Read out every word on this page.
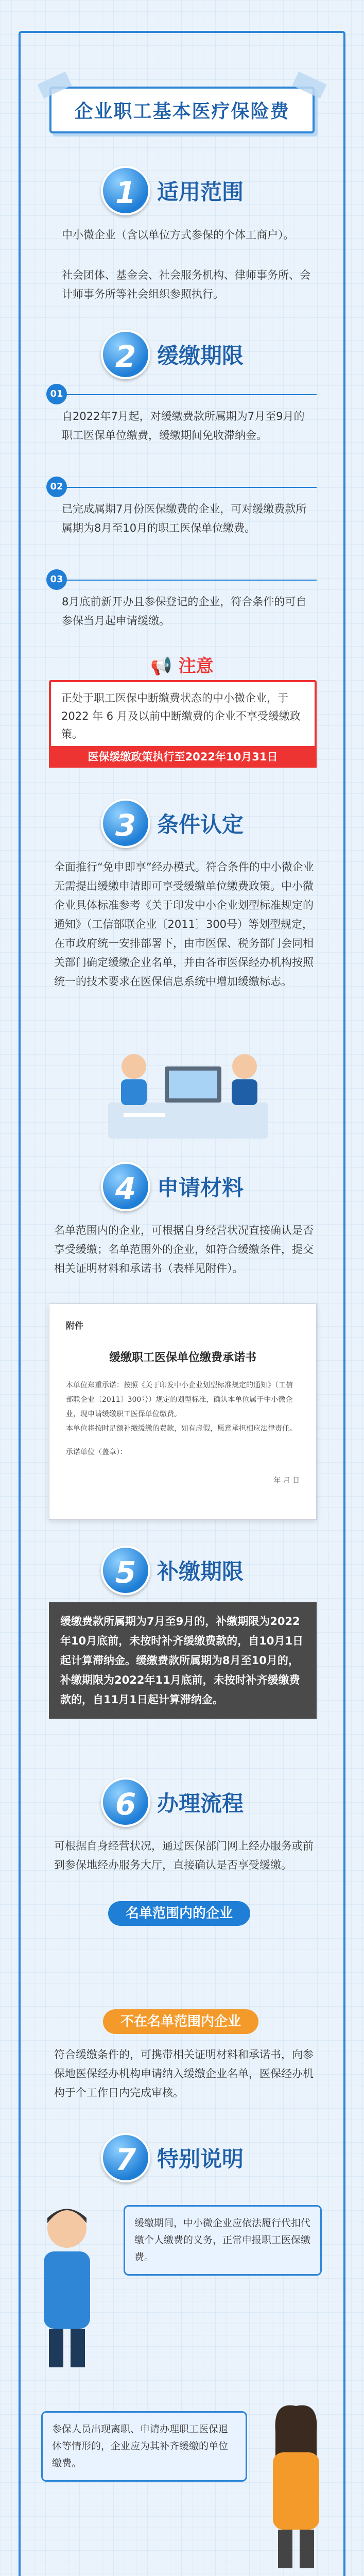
企业职工基本医疗保险费
1 适用范围
中小微企业（含以单位方式参保的个体工商户）。
社会团体、基金会、社会服务机构、律师事务所、会计师事务所等社会组织参照执行。
2 缓缴期限
01
自2022年7月起，对缓缴费款所属期为7月至9月的职工医保单位缴费，缓缴期间免收滞纳金。
02
已完成属期7月份医保缴费的企业，可对缓缴费款所属期为8月至10月的职工医保单位缴费。
03
8月底前新开办且参保登记的企业，符合条件的可自参保当月起申请缓缴。
📢 注意
正处于职工医保中断缴费状态的中小微企业，于 2022 年 6 月及以前中断缴费的企业不享受缓缴政策。
医保缓缴政策执行至2022年10月31日
3 条件认定
全面推行“免申即享”经办模式。符合条件的中小微企业无需提出缓缴申请即可享受缓缴单位缴费政策。中小微企业具体标准参考《关于印发中小企业划型标准规定的通知》（工信部联企业〔2011〕300号）等划型规定，在市政府统一安排部署下，由市医保、税务部门会同相关部门确定缓缴企业名单，并由各市医保经办机构按照统一的技术要求在医保信息系统中增加缓缴标志。
4 申请材料
名单范围内的企业，可根据自身经营状况直接确认是否享受缓缴；名单范围外的企业，如符合缓缴条件，提交相关证明材料和承诺书（表样见附件）。
附件
缓缴职工医保单位缴费承诺书
本单位郑重承诺：按照《关于印发中小企业划型标准规定的通知》（工信部联企业〔2011〕300号）规定的划型标准，确认本单位属于中小微企业，现申请缓缴职工医保单位缴费。
本单位将按时足额补缴缓缴的费款，如有虚假，愿意承担相应法律责任。
承诺单位（盖章）：
年 月 日
5 补缴期限
缓缴费款所属期为7月至9月的，补缴期限为2022年10月底前，未按时补齐缓缴费款的，自10月1日起计算滞纳金。缓缴费款所属期为8月至10月的，补缴期限为2022年11月底前，未按时补齐缓缴费款的，自11月1日起计算滞纳金。
6 办理流程
可根据自身经营状况，通过医保部门网上经办服务或前到参保地经办服务大厅，直接确认是否享受缓缴。
名单范围内的企业
不在名单范围内企业
符合缓缴条件的，可携带相关证明材料和承诺书，向参保地医保经办机构申请纳入缓缴企业名单，医保经办机构于个工作日内完成审核。
7 特别说明
缓缴期间，中小微企业应依法履行代扣代缴个人缴费的义务，正常申报职工医保缴费。
参保人员出现离职、申请办理职工医保退休等情形的，企业应为其补齐缓缴的单位缴费。
